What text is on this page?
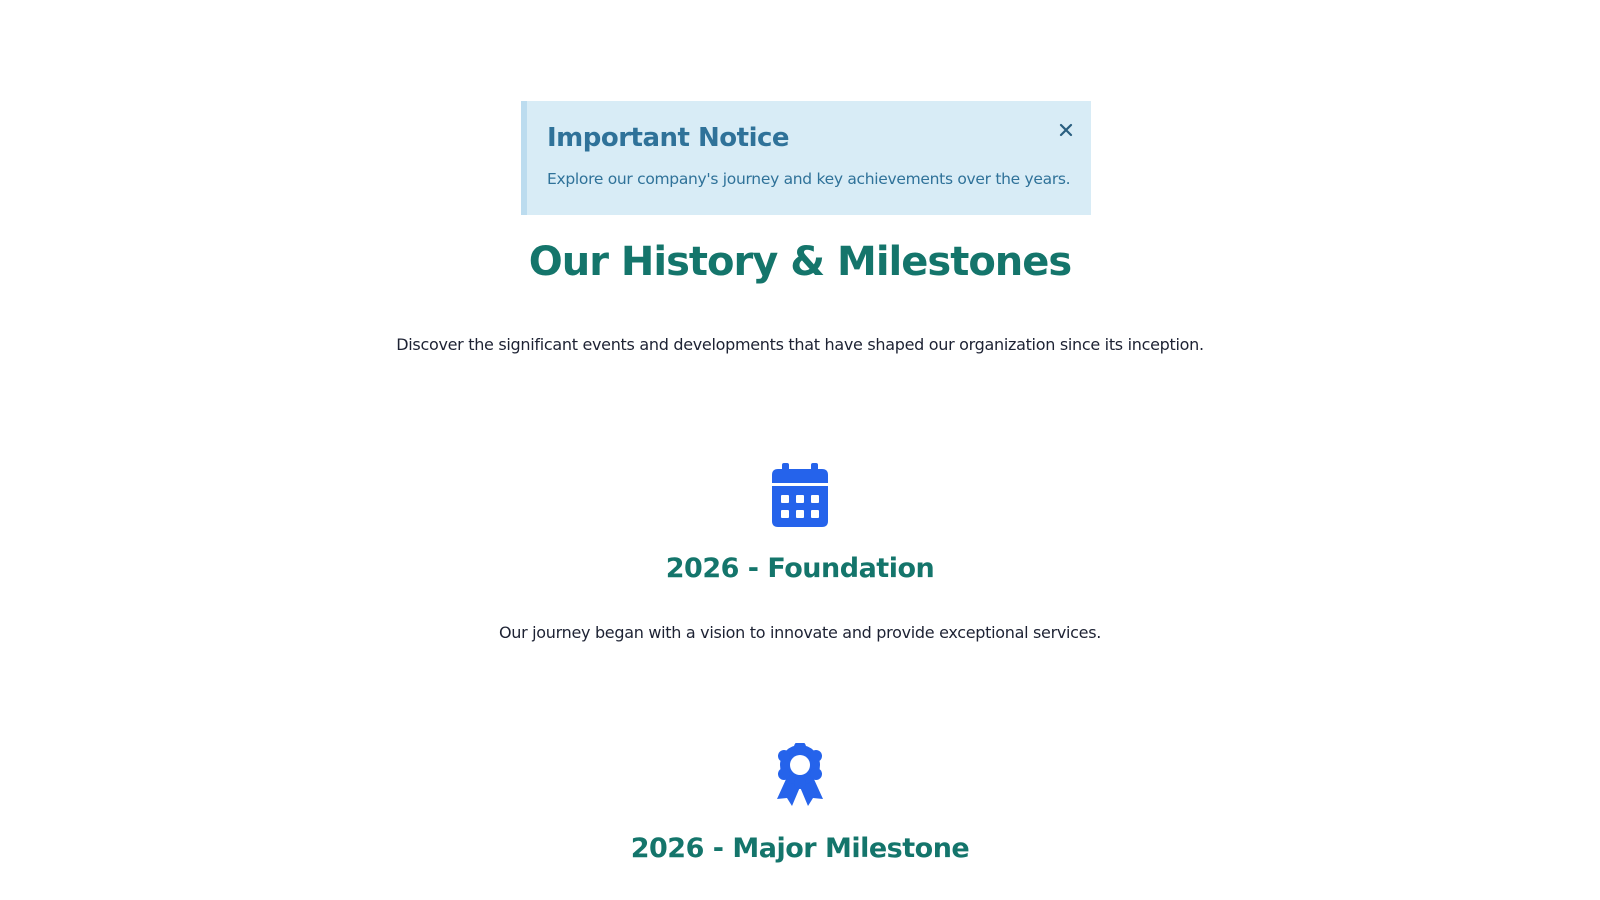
Important Notice

Explore our company's journey and key achievements over the years.

Our History & Milestones

Discover the significant events and developments that have shaped our organization since its inception.

2026 - Foundation

Our journey began with a vision to innovate and provide exceptional services.

2026 - Major Milestone
